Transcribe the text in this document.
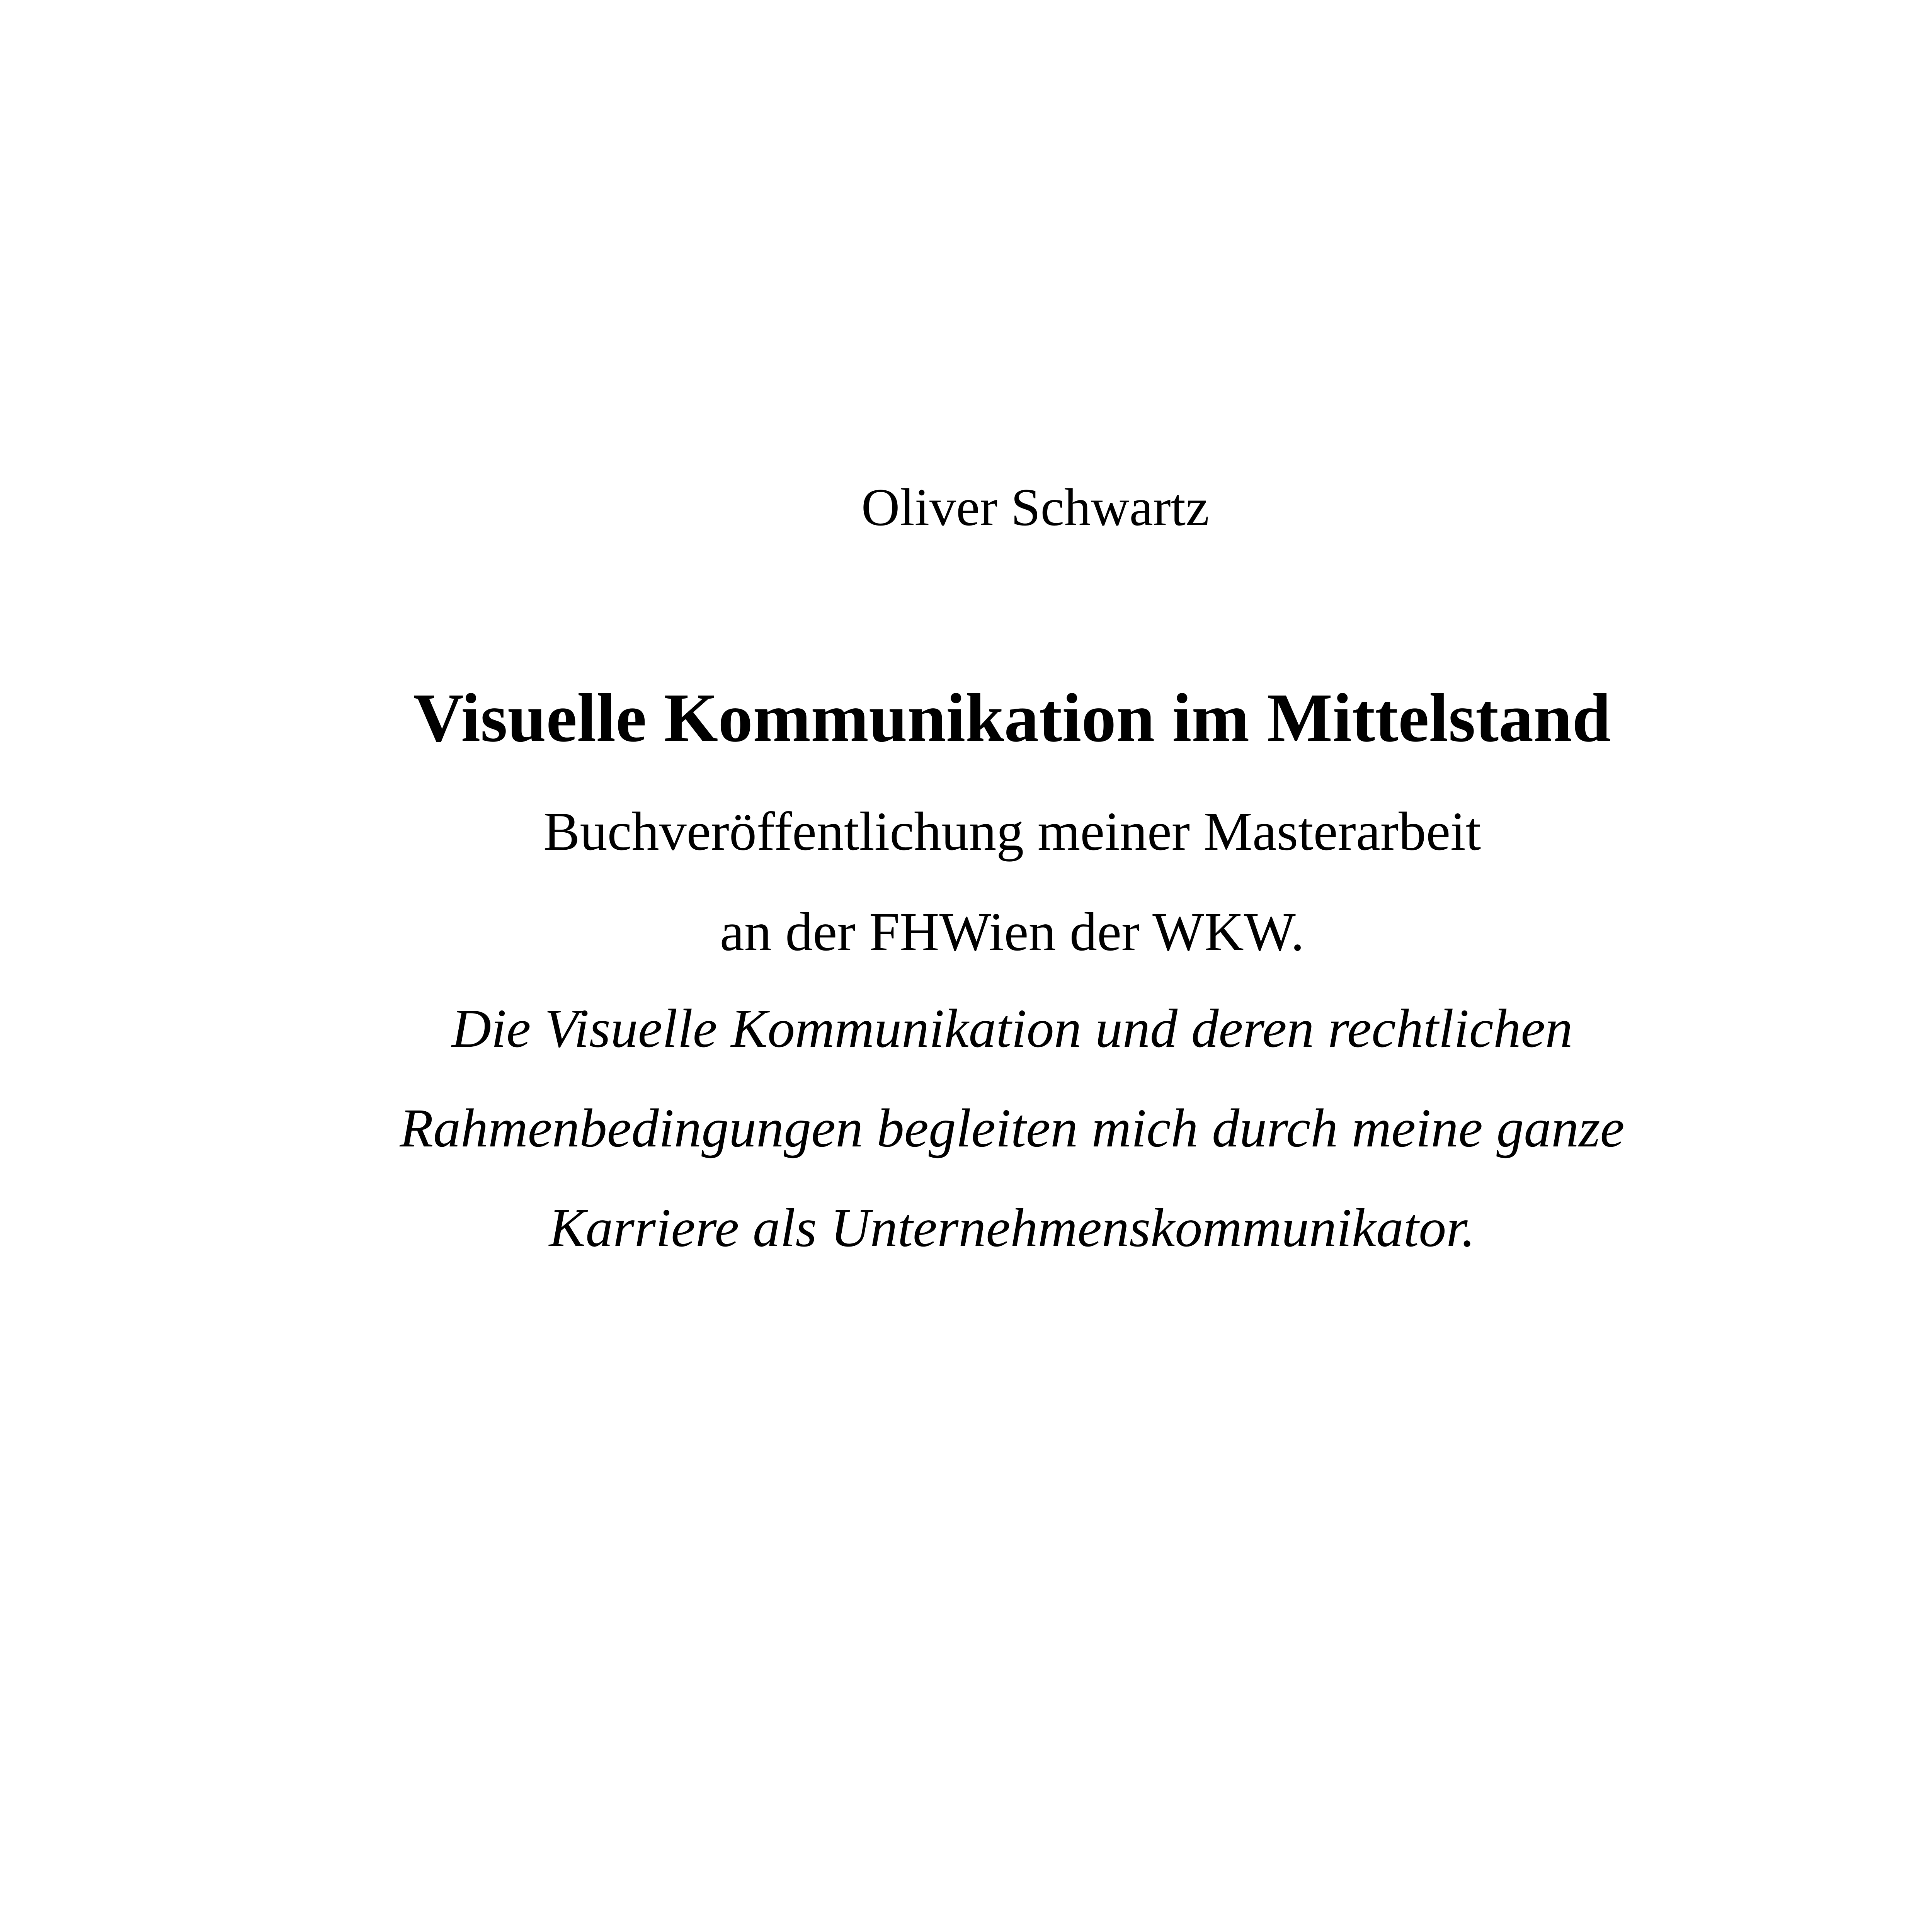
Oliver Schwartz
Visuelle Kommunikation im Mittelstand
Buchveröffentlichung meiner Masterarbeit
an der FHWien der WKW.
Die Visuelle Kommunikation und deren rechtlichen
Rahmenbedingungen begleiten mich durch meine ganze
Karriere als Unternehmenskommunikator.
